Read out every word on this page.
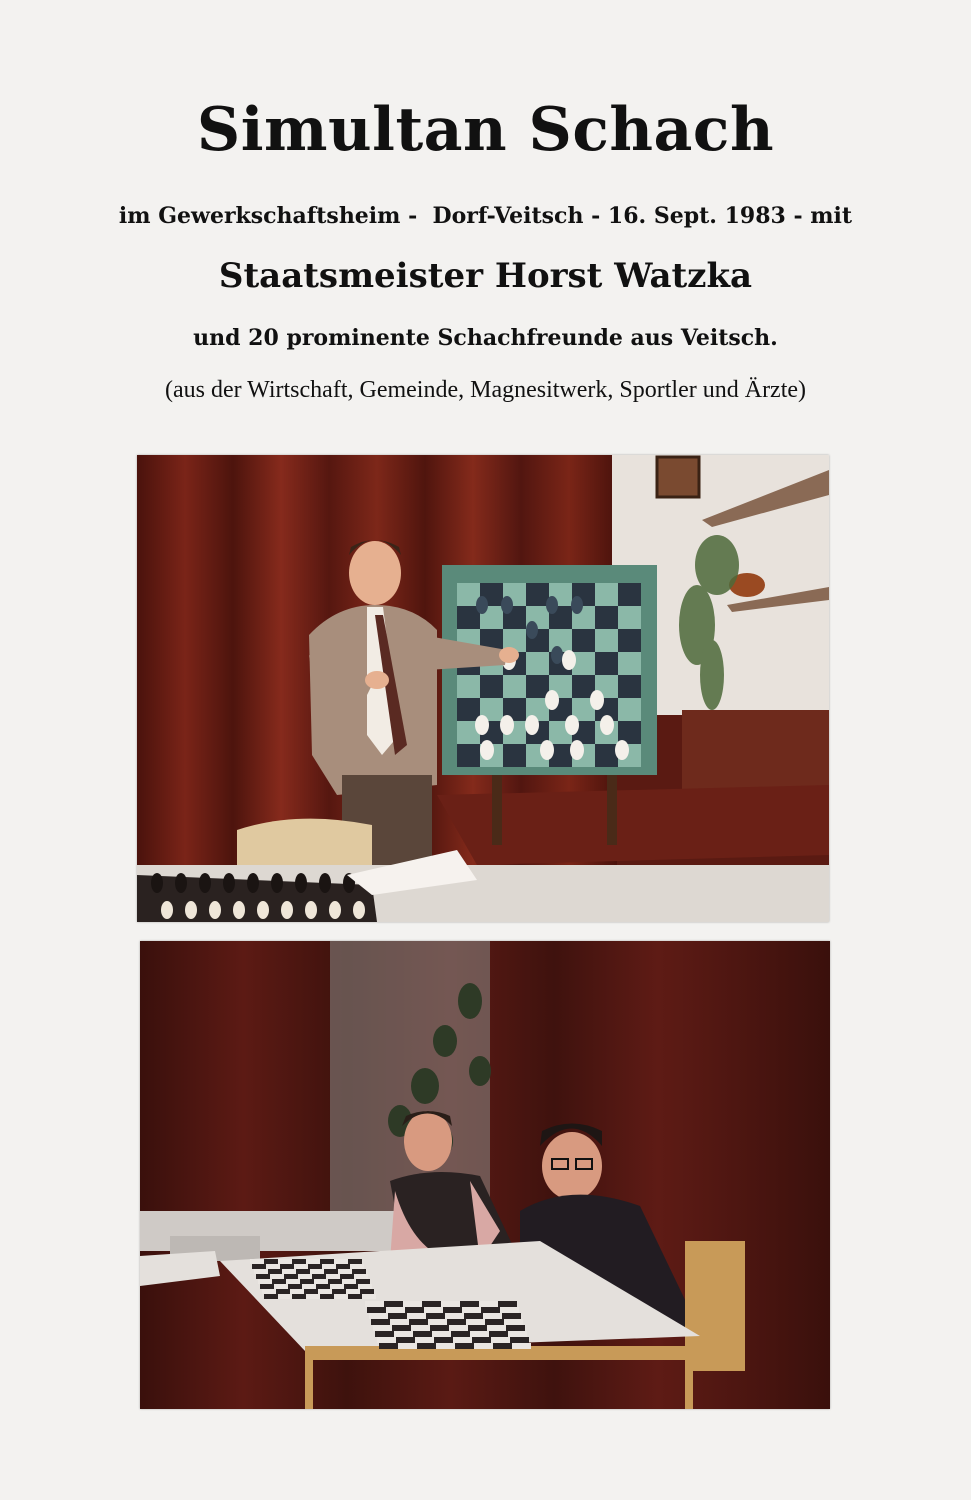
Simultan Schach

im Gewerkschaftsheim -  Dorf-Veitsch - 16. Sept. 1983 - mit

Staatsmeister Horst Watzka

und 20 prominente Schachfreunde aus Veitsch.

(aus der Wirtschaft, Gemeinde, Magnesitwerk, Sportler und Ärzte)
